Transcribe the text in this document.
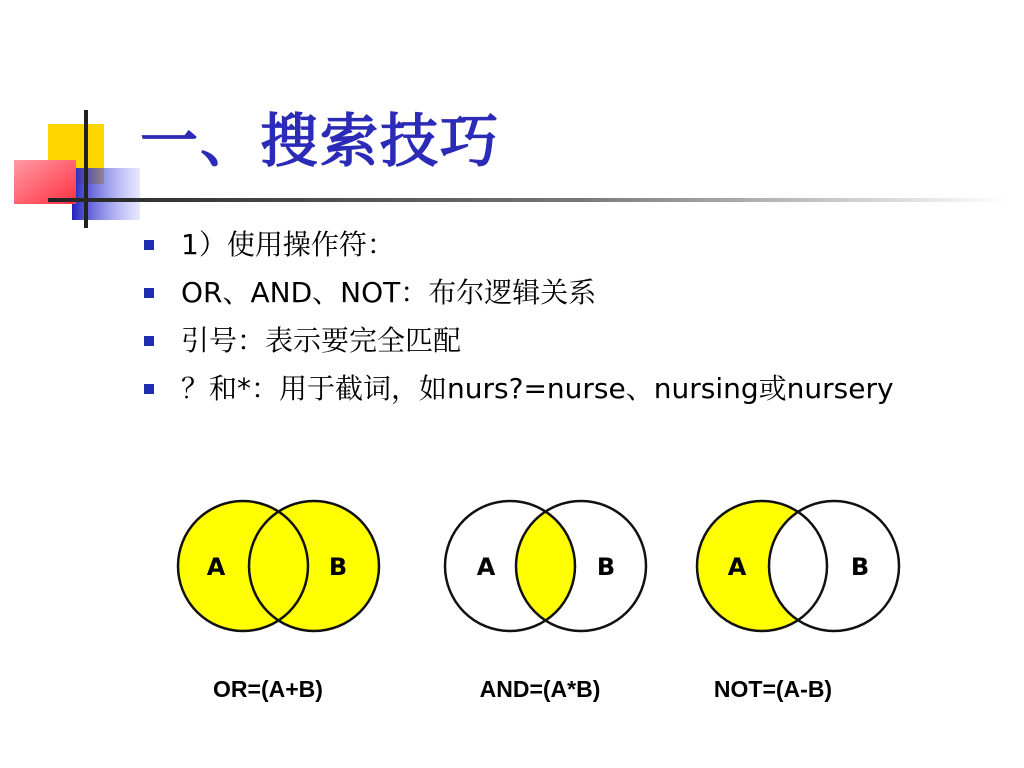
一、搜索技巧
1）使用操作符：
OR、AND、NOT：布尔逻辑关系
引号：表示要完全匹配
？和*：用于截词，如nurs?=nurse、nursing或nursery
A	B
OR=(A+B)
A	B
AND=(A*B)
A	B
NOT=(A-B)
